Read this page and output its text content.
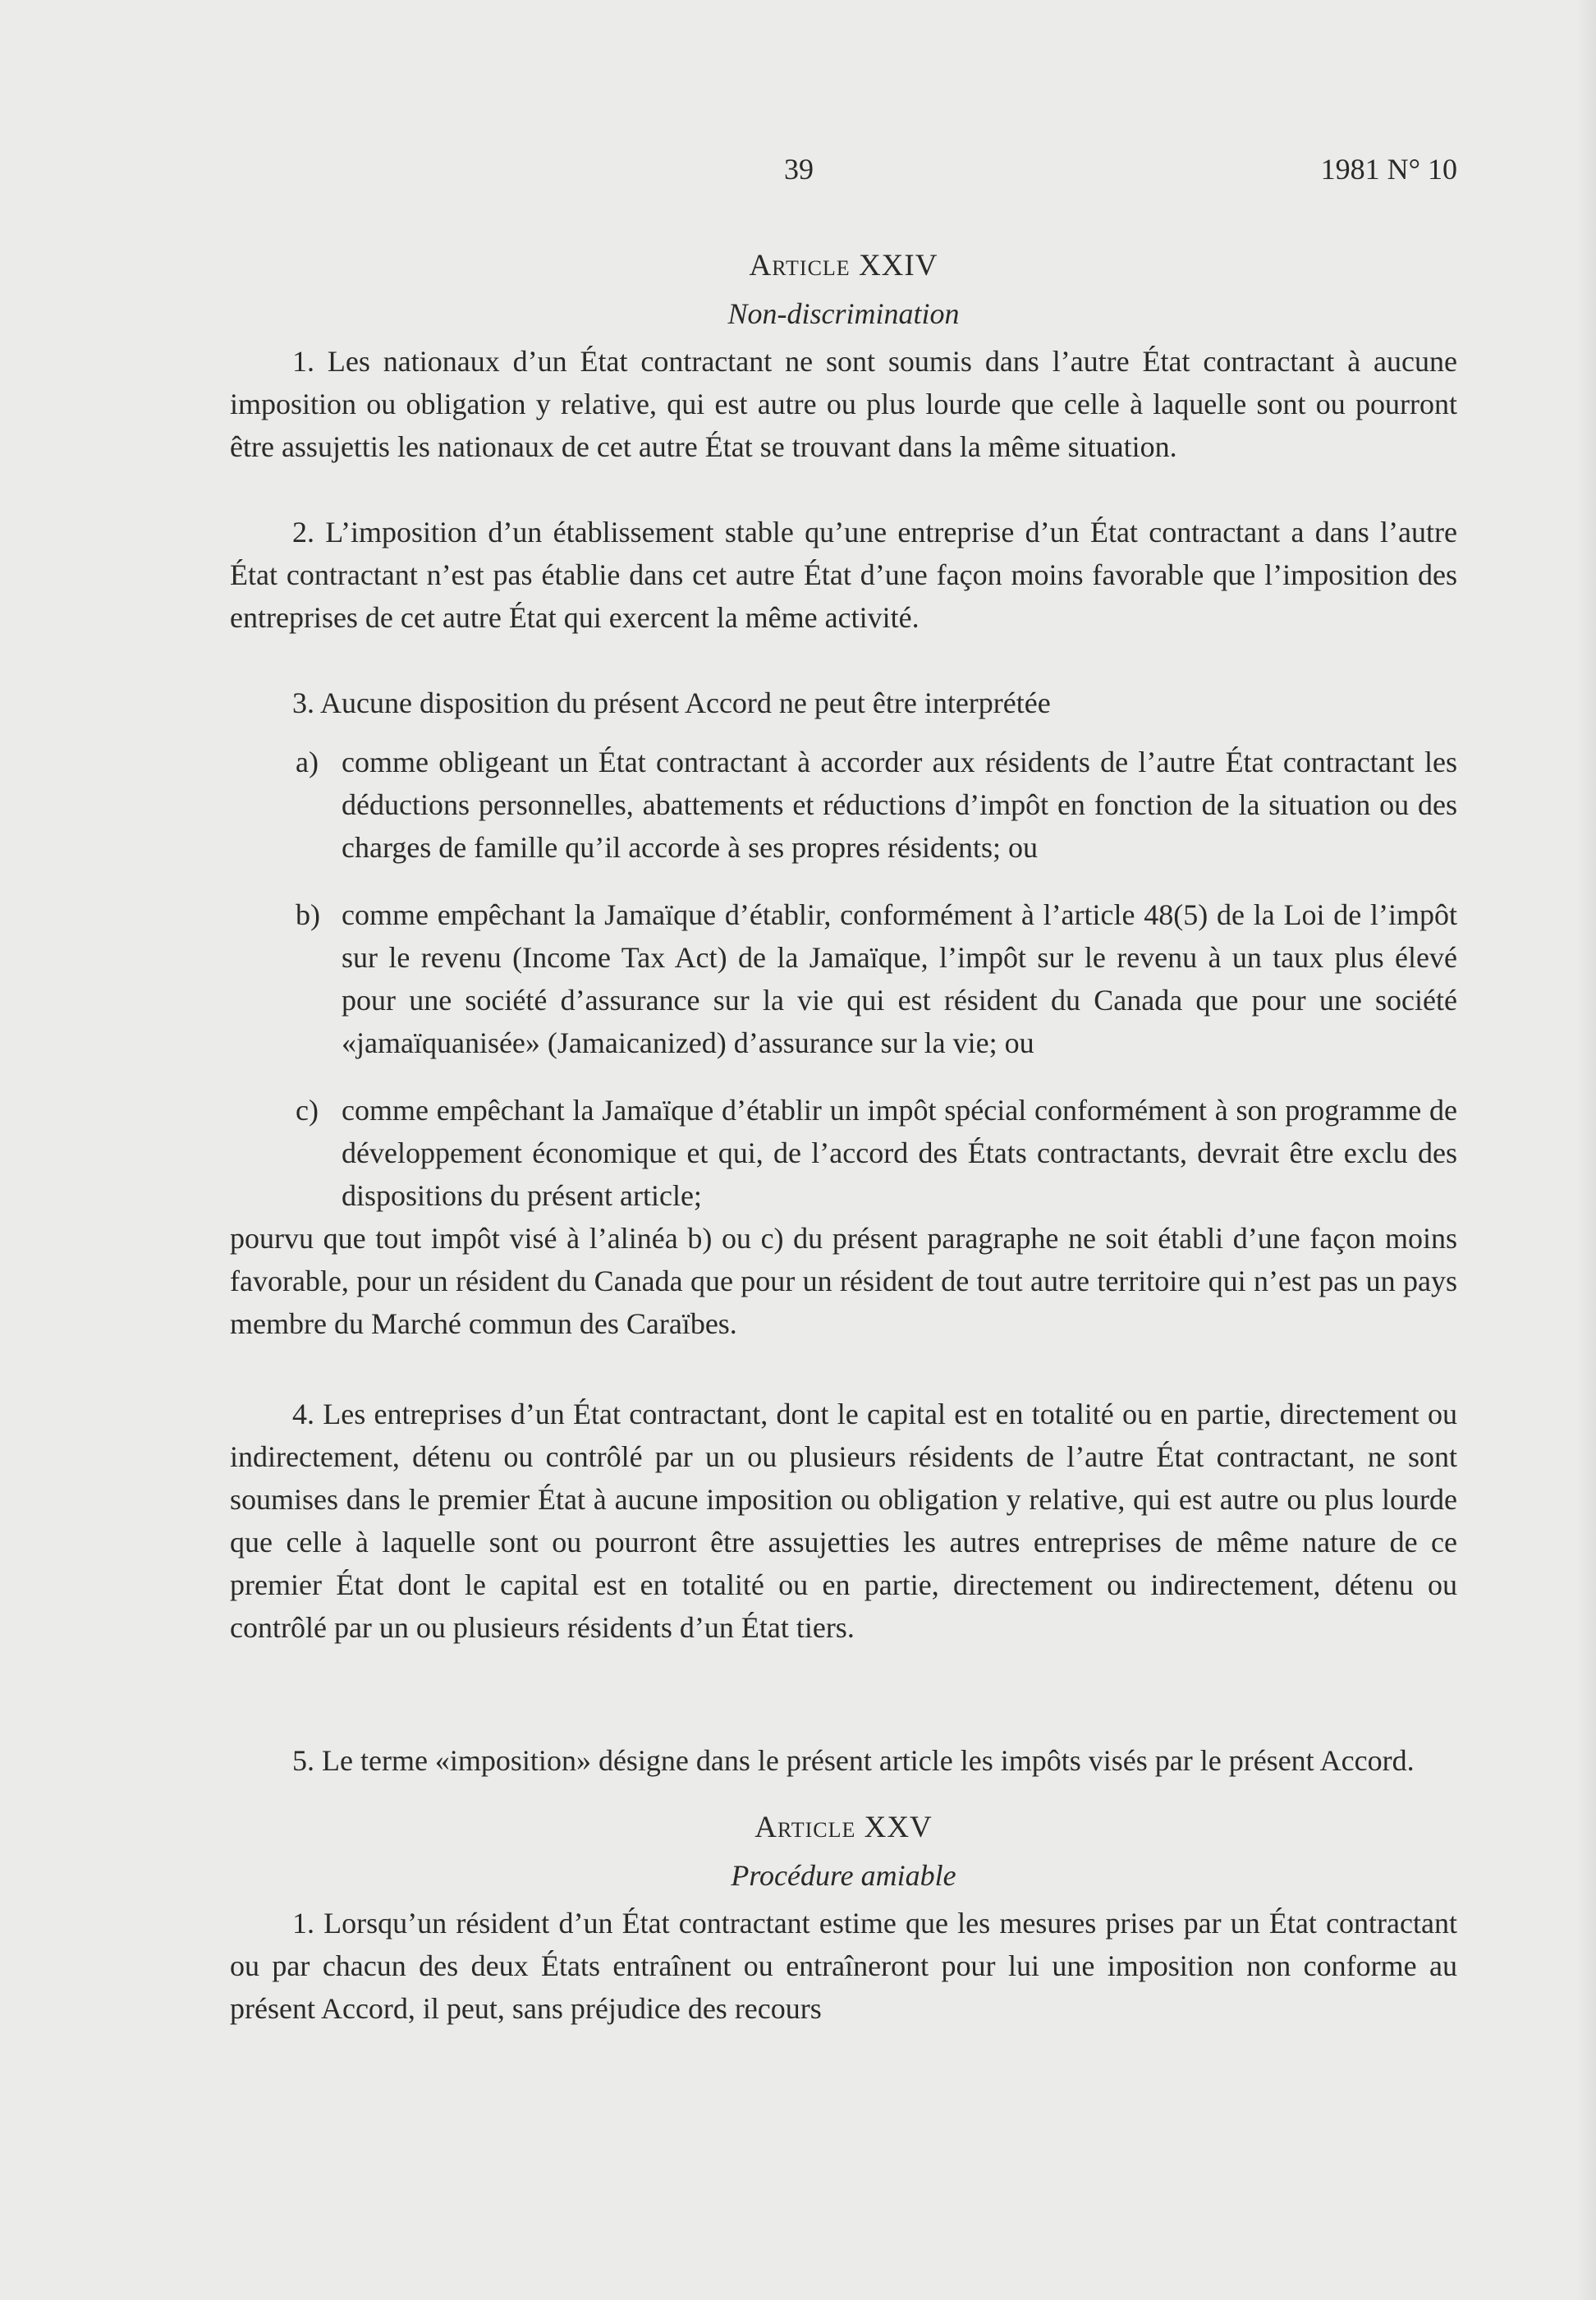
39	1981 N° 10
Article XXIV
Non-discrimination

1. Les nationaux d’un État contractant ne sont soumis dans l’autre État contractant à aucune imposition ou obligation y relative, qui est autre ou plus lourde que celle à laquelle sont ou pourront être assujettis les nationaux de cet autre État se trouvant dans la même situation.

2. L’imposition d’un établissement stable qu’une entreprise d’un État contractant a dans l’autre État contractant n’est pas établie dans cet autre État d’une façon moins favorable que l’imposition des entreprises de cet autre État qui exercent la même activité.

3. Aucune disposition du présent Accord ne peut être interprétée

a) comme obligeant un État contractant à accorder aux résidents de l’autre État contractant les déductions personnelles, abattements et réductions d’impôt en fonction de la situation ou des charges de famille qu’il accorde à ses propres résidents; ou
b) comme empêchant la Jamaïque d’établir, conformément à l’article 48(5) de la Loi de l’impôt sur le revenu (Income Tax Act) de la Jamaïque, l’impôt sur le revenu à un taux plus élevé pour une société d’assurance sur la vie qui est résident du Canada que pour une société «jamaïquanisée» (Jamaicanized) d’assurance sur la vie; ou
c) comme empêchant la Jamaïque d’établir un impôt spécial conformément à son programme de développement économique et qui, de l’accord des États contractants, devrait être exclu des dispositions du présent article;

pourvu que tout impôt visé à l’alinéa b) ou c) du présent paragraphe ne soit établi d’une façon moins favorable, pour un résident du Canada que pour un résident de tout autre territoire qui n’est pas un pays membre du Marché commun des Caraïbes.

4. Les entreprises d’un État contractant, dont le capital est en totalité ou en partie, directement ou indirectement, détenu ou contrôlé par un ou plusieurs résidents de l’autre État contractant, ne sont soumises dans le premier État à aucune imposition ou obligation y relative, qui est autre ou plus lourde que celle à laquelle sont ou pourront être assujetties les autres entreprises de même nature de ce premier État dont le capital est en totalité ou en partie, directement ou indirectement, détenu ou contrôlé par un ou plusieurs résidents d’un État tiers.

5. Le terme «imposition» désigne dans le présent article les impôts visés par le présent Accord.

Article XXV
Procédure amiable

1. Lorsqu’un résident d’un État contractant estime que les mesures prises par un État contractant ou par chacun des deux États entraînent ou entraîneront pour lui une imposition non conforme au présent Accord, il peut, sans préjudice des recours
